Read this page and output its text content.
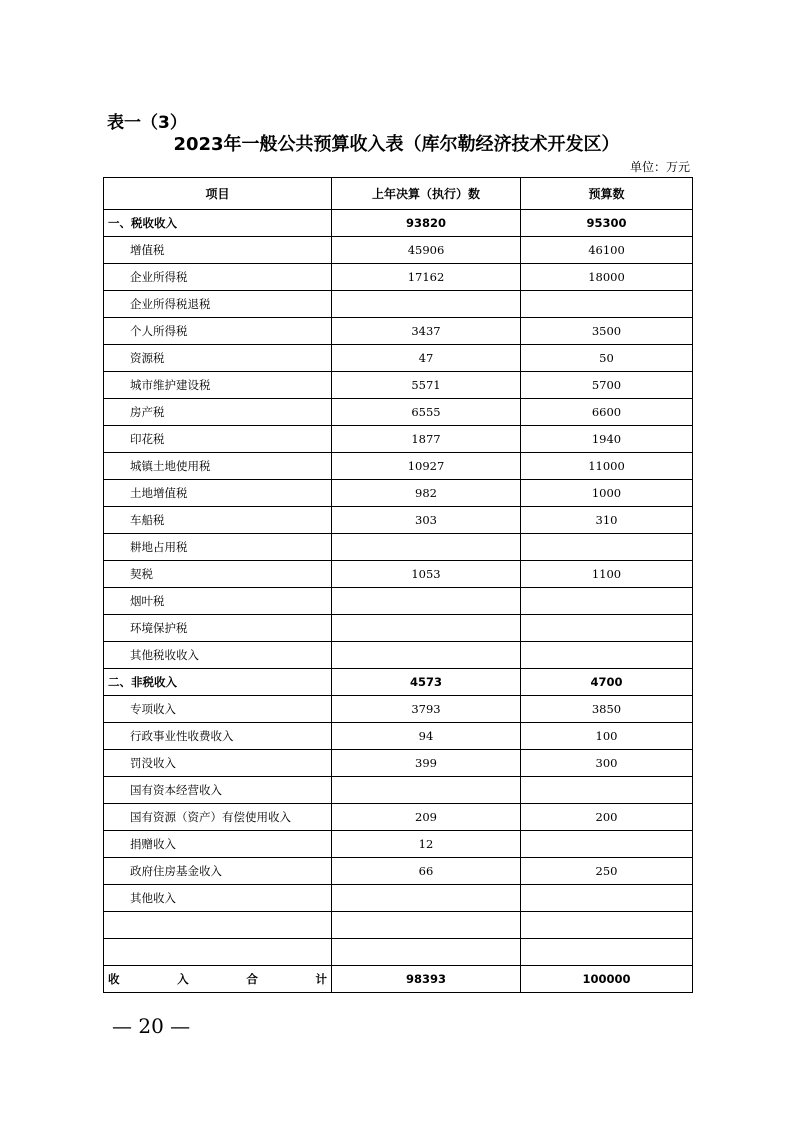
表一（3）
2023年一般公共预算收入表（库尔勒经济技术开发区）
单位：万元
项目	上年决算（执行）数	预算数
一、税收收入	93820	95300
增值税	45906	46100
企业所得税	17162	18000
企业所得税退税		
个人所得税	3437	3500
资源税	47	50
城市维护建设税	5571	5700
房产税	6555	6600
印花税	1877	1940
城镇土地使用税	10927	11000
土地增值税	982	1000
车船税	303	310
耕地占用税		
契税	1053	1100
烟叶税		
环境保护税		
其他税收收入		
二、非税收入	4573	4700
专项收入	3793	3850
行政事业性收费收入	94	100
罚没收入	399	300
国有资本经营收入		
国有资源（资产）有偿使用收入	209	200
捐赠收入	12	
政府住房基金收入	66	250
其他收入		

收 入 合 计	98393	100000
— 20 —
